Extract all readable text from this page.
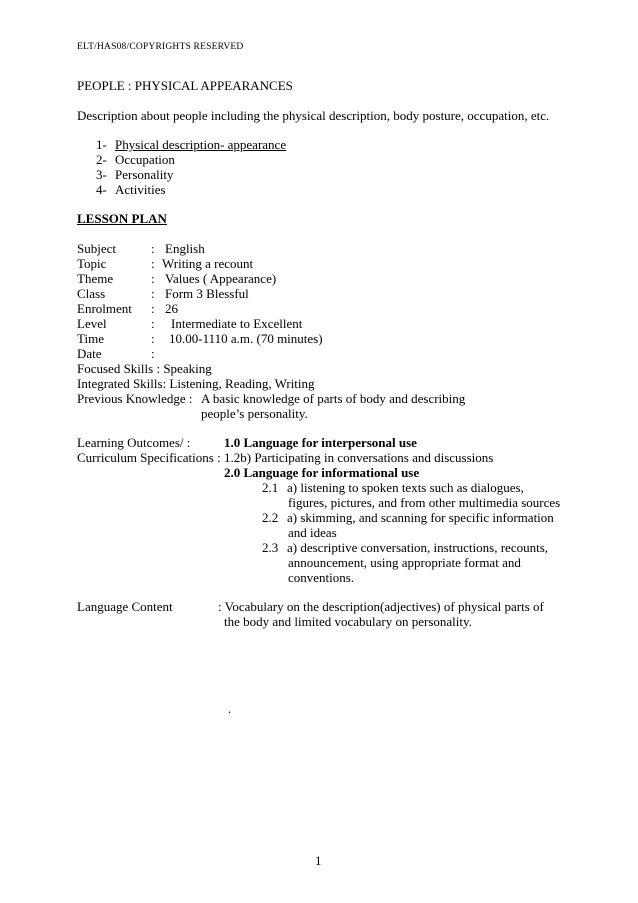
ELT/HAS08/COPYRIGHTS RESERVED
PEOPLE : PHYSICAL APPEARANCES
Description about people including the physical description, body posture, occupation, etc.
1- Physical description- appearance
2- Occupation
3- Personality
4- Activities
LESSON PLAN
Subject	: English
Topic	: Writing a recount
Theme	: Values ( Appearance)
Class	: Form 3 Blessful
Enrolment : 26
Level	: Intermediate to Excellent
Time	: 10.00-1110 a.m. (70 minutes)
Date	:
Focused Skills : Speaking
Integrated Skills: Listening, Reading, Writing
Previous Knowledge : A basic knowledge of parts of body and describing
people’s personality.
Learning Outcomes/ :	1.0 Language for interpersonal use
Curriculum Specifications : 1.2b) Participating in conversations and discussions
2.0 Language for informational use
2.1 a) listening to spoken texts such as dialogues,
figures, pictures, and from other multimedia sources
2.2 a) skimming, and scanning for specific information
and ideas
2.3 a) descriptive conversation, instructions, recounts,
announcement, using appropriate format and
conventions.
Language Content	: Vocabulary on the description(adjectives) of physical parts of
the body and limited vocabulary on personality.
.
1
